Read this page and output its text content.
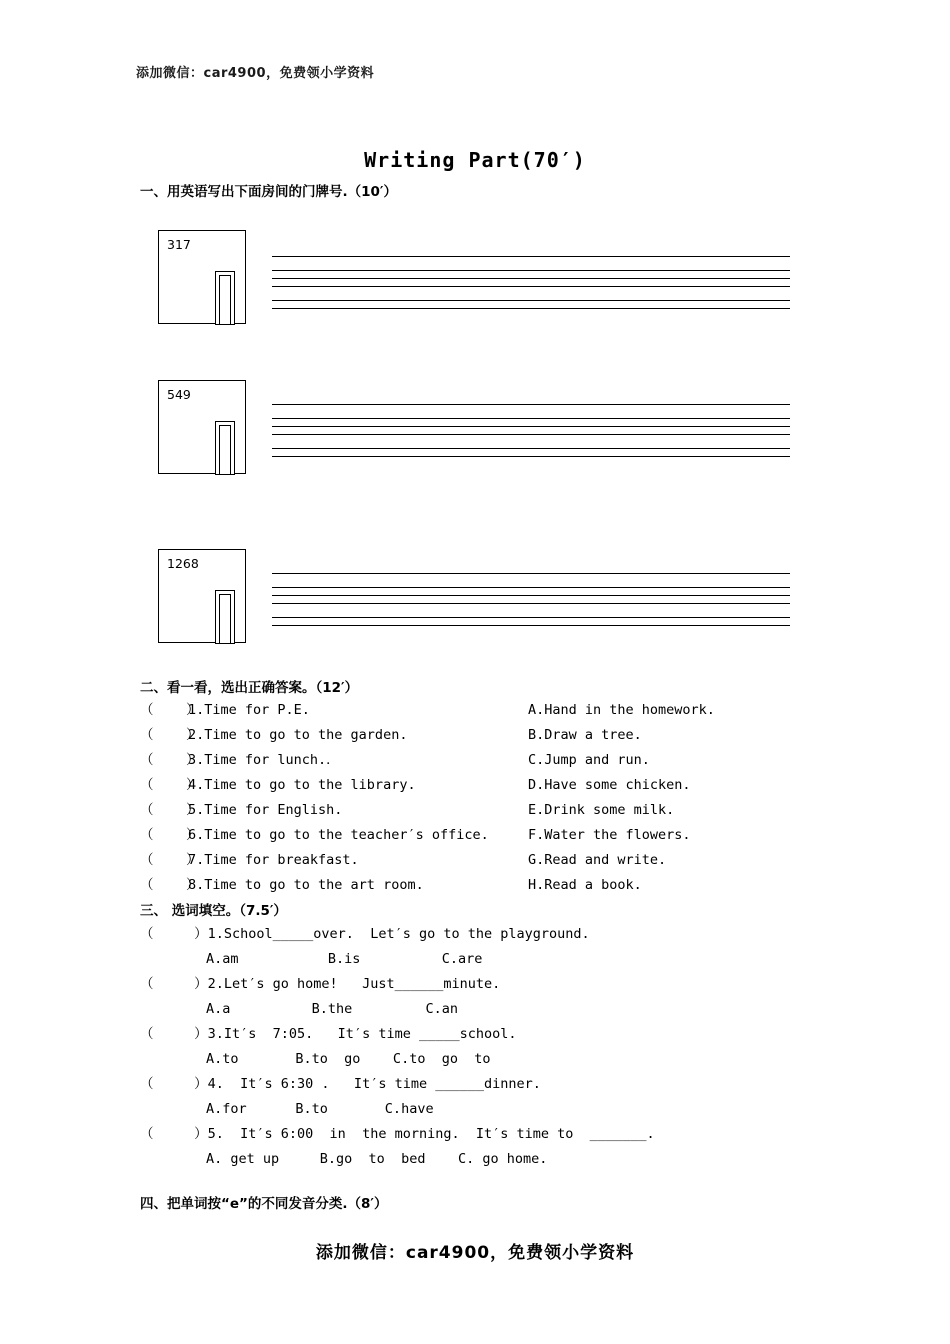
添加微信：car4900，免费领小学资料
Writing Part(70′)
一、用英语写出下面房间的门牌号.（10′）
317
549
1268
二、看一看，选出正确答案。（12′）
（    ）
1.Time for P.E.	A.Hand in the homework.
（    ）
2.Time to go to the garden.	B.Draw a tree.
（    ）
3.Time for lunch.．	C.Jump and run.
（    ）
4.Time to go to the library.	D.Have some chicken.
（    ）
5.Time for English.	E.Drink some milk.
（    ）
6.Time to go to the teacher′s office.	F.Water the flowers.
（    ）
7.Time for breakfast.	G.Read and write.
（    ）
8.Time to go to the art room.	H.Read a book.
三、 选词填空。（7.5′）
（     ）1.School_____over.  Let′s go to the playground.
A.am           B.is          C.are
（     ）2.Let′s go home!   Just______minute.
A.a          B.the         C.an
（     ）3.It′s  7:05.   It′s time _____school.
A.to       B.to  go    C.to  go  to
（     ）4.  It′s 6:30 .   It′s time ______dinner.
A.for      B.to       C.have
（     ）5.  It′s 6:00  in  the morning.  It′s time to  _______.
A. get up     B.go  to  bed    C. go home.
四、把单词按“e”的不同发音分类.（8′）
添加微信：car4900，免费领小学资料
